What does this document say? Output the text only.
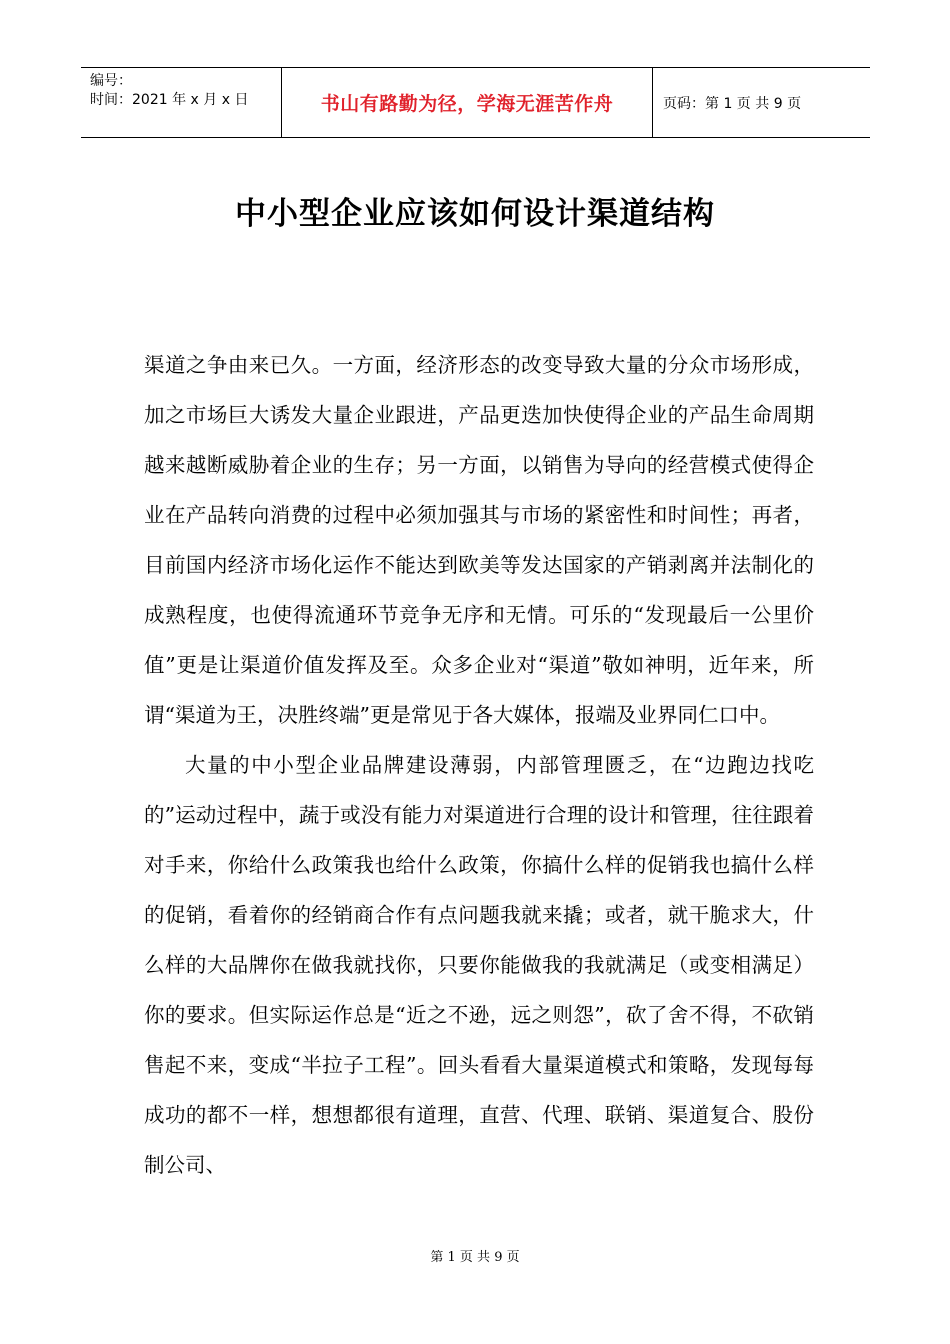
编号：
时间：2021 年 x 月 x 日	书山有路勤为径，学海无涯苦作舟	页码：第 1 页 共 9 页
中小型企业应该如何设计渠道结构

渠道之争由来已久。一方面，经济形态的改变导致大量的分众市场形成，加之市场巨大诱发大量企业跟进，产品更迭加快使得企业的产品生命周期越来越断威胁着企业的生存；另一方面，以销售为导向的经营模式使得企业在产品转向消费的过程中必须加强其与市场的紧密性和时间性；再者，目前国内经济市场化运作不能达到欧美等发达国家的产销剥离并法制化的成熟程度，也使得流通环节竞争无序和无情。可乐的“发现最后一公里价值”更是让渠道价值发挥及至。众多企业对“渠道”敬如神明，近年来，所谓“渠道为王，决胜终端”更是常见于各大媒体，报端及业界同仁口中。

大量的中小型企业品牌建设薄弱，内部管理匮乏，在“边跑边找吃的”运动过程中，蔬于或没有能力对渠道进行合理的设计和管理，往往跟着对手来，你给什么政策我也给什么政策，你搞什么样的促销我也搞什么样的促销，看着你的经销商合作有点问题我就来撬；或者，就干脆求大，什么样的大品牌你在做我就找你，只要你能做我的我就满足（或变相满足）你的要求。但实际运作总是“近之不逊，远之则怨”，砍了舍不得，不砍销售起不来，变成“半拉子工程”。回头看看大量渠道模式和策略，发现每每成功的都不一样，想想都很有道理，直营、代理、联销、渠道复合、股份制公司、

第 1 页 共 9 页
